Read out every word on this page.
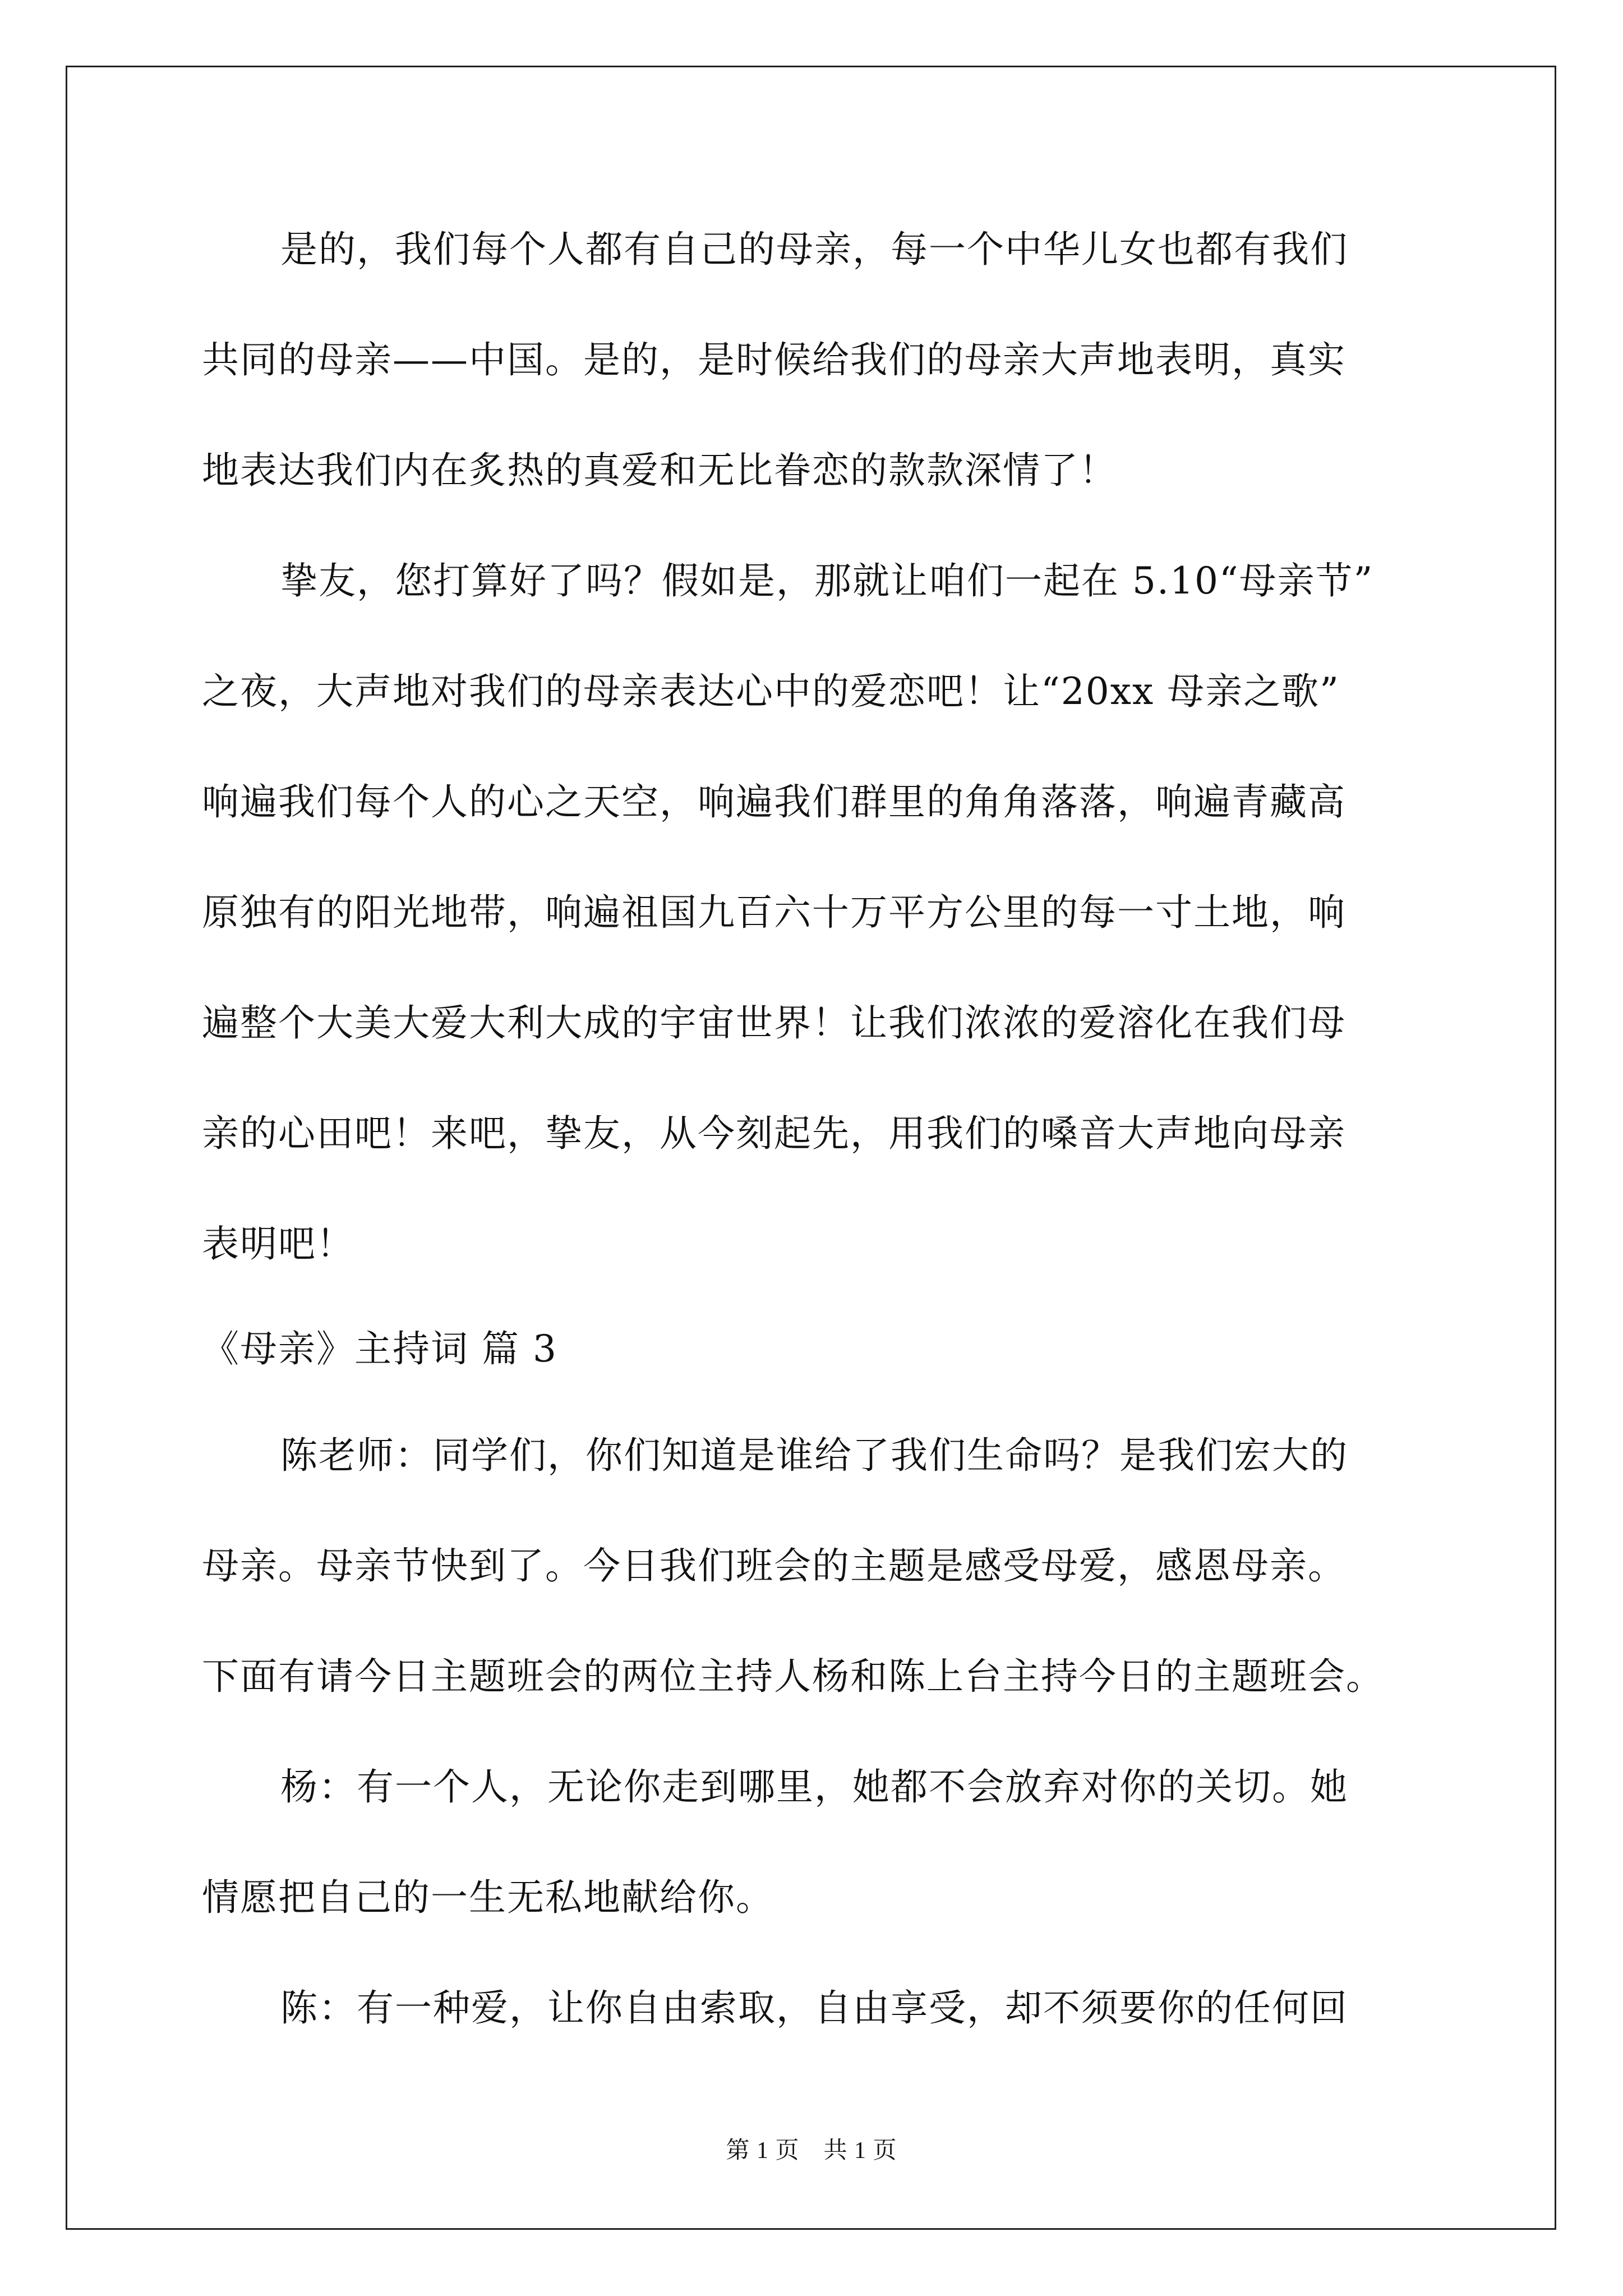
是的，我们每个人都有自己的母亲，每一个中华儿女也都有我们
共同的母亲——中国。是的，是时候给我们的母亲大声地表明，真实
地表达我们内在炙热的真爱和无比眷恋的款款深情了！
挚友，您打算好了吗？假如是，那就让咱们一起在 5.10“母亲节”
之夜，大声地对我们的母亲表达心中的爱恋吧！让“20xx 母亲之歌”
响遍我们每个人的心之天空，响遍我们群里的角角落落，响遍青藏高
原独有的阳光地带，响遍祖国九百六十万平方公里的每一寸土地，响
遍整个大美大爱大利大成的宇宙世界！让我们浓浓的爱溶化在我们母
亲的心田吧！来吧，挚友，从今刻起先，用我们的嗓音大声地向母亲
表明吧！
《母亲》主持词 篇 3
陈老师：同学们，你们知道是谁给了我们生命吗？是我们宏大的
母亲。母亲节快到了。今日我们班会的主题是感受母爱，感恩母亲。
下面有请今日主题班会的两位主持人杨和陈上台主持今日的主题班会。
杨：有一个人，无论你走到哪里，她都不会放弃对你的关切。她
情愿把自己的一生无私地献给你。
陈：有一种爱，让你自由索取，自由享受，却不须要你的任何回
第 1 页　共 1 页
